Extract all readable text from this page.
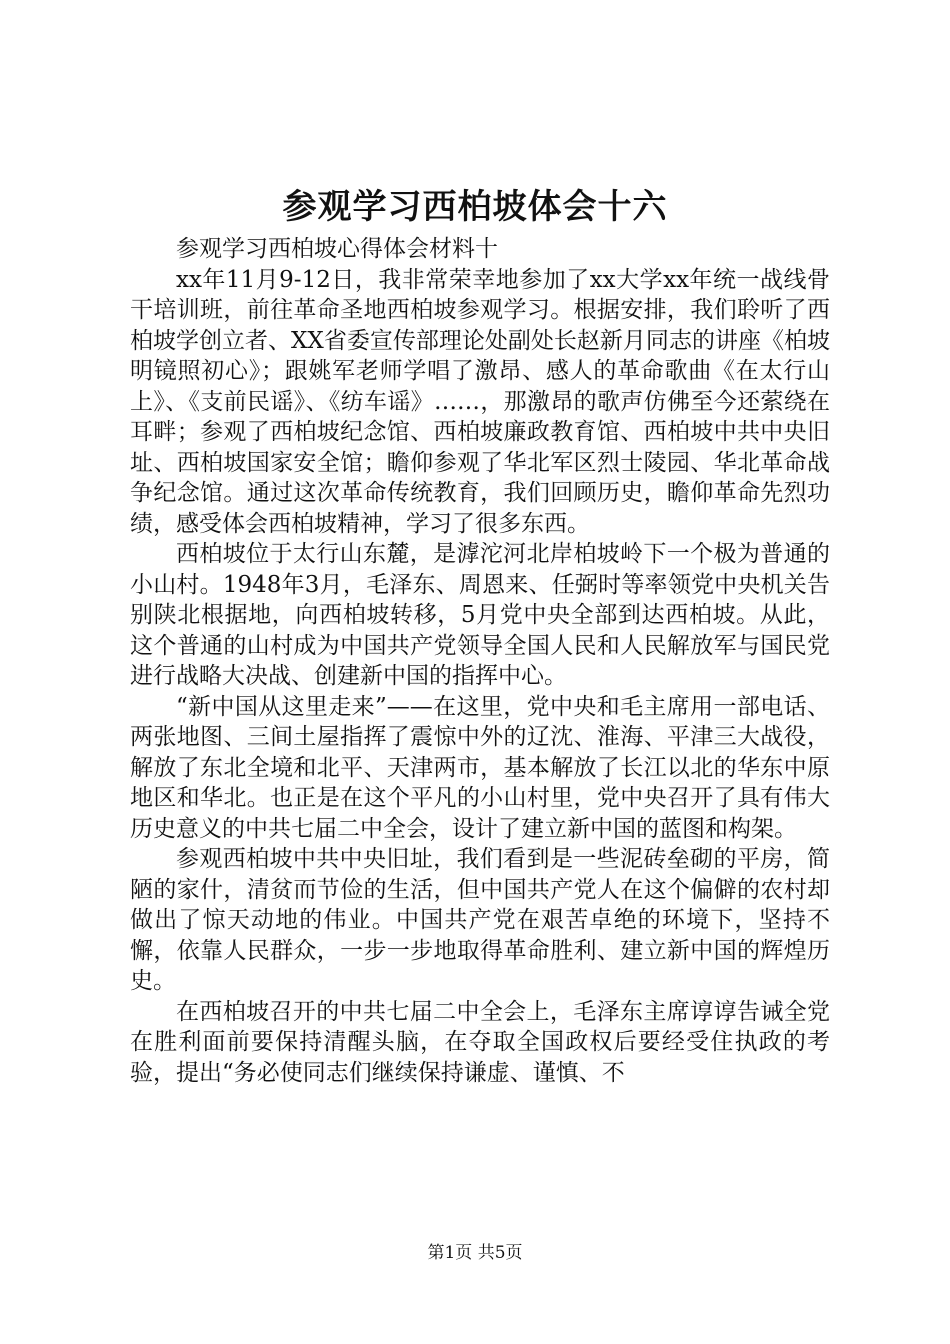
参观学习西柏坡体会十六

参观学习西柏坡心得体会材料十

xx年11月9-12日，我非常荣幸地参加了xx大学xx年统一战线骨干培训班，前往革命圣地西柏坡参观学习。根据安排，我们聆听了西柏坡学创立者、XX省委宣传部理论处副处长赵新月同志的讲座《柏坡明镜照初心》；跟姚军老师学唱了激昂、感人的革命歌曲《在太行山上》、《支前民谣》、《纺车谣》……，那激昂的歌声仿佛至今还萦绕在耳畔；参观了西柏坡纪念馆、西柏坡廉政教育馆、西柏坡中共中央旧址、西柏坡国家安全馆；瞻仰参观了华北军区烈士陵园、华北革命战争纪念馆。通过这次革命传统教育，我们回顾历史，瞻仰革命先烈功绩，感受体会西柏坡精神，学习了很多东西。

西柏坡位于太行山东麓，是滹沱河北岸柏坡岭下一个极为普通的小山村。1948年3月，毛泽东、周恩来、任弼时等率领党中央机关告别陕北根据地，向西柏坡转移，5月党中央全部到达西柏坡。从此，这个普通的山村成为中国共产党领导全国人民和人民解放军与国民党进行战略大决战、创建新中国的指挥中心。

“新中国从这里走来”——在这里，党中央和毛主席用一部电话、两张地图、三间土屋指挥了震惊中外的辽沈、淮海、平津三大战役，解放了东北全境和北平、天津两市，基本解放了长江以北的华东中原地区和华北。也正是在这个平凡的小山村里，党中央召开了具有伟大历史意义的中共七届二中全会，设计了建立新中国的蓝图和构架。

参观西柏坡中共中央旧址，我们看到是一些泥砖垒砌的平房，简陋的家什，清贫而节俭的生活，但中国共产党人在这个偏僻的农村却做出了惊天动地的伟业。中国共产党在艰苦卓绝的环境下，坚持不懈，依靠人民群众，一步一步地取得革命胜利、建立新中国的辉煌历史。

在西柏坡召开的中共七届二中全会上，毛泽东主席谆谆告诫全党在胜利面前要保持清醒头脑，在夺取全国政权后要经受住执政的考验，提出“务必使同志们继续保持谦虚、谨慎、不

第1页 共5页
